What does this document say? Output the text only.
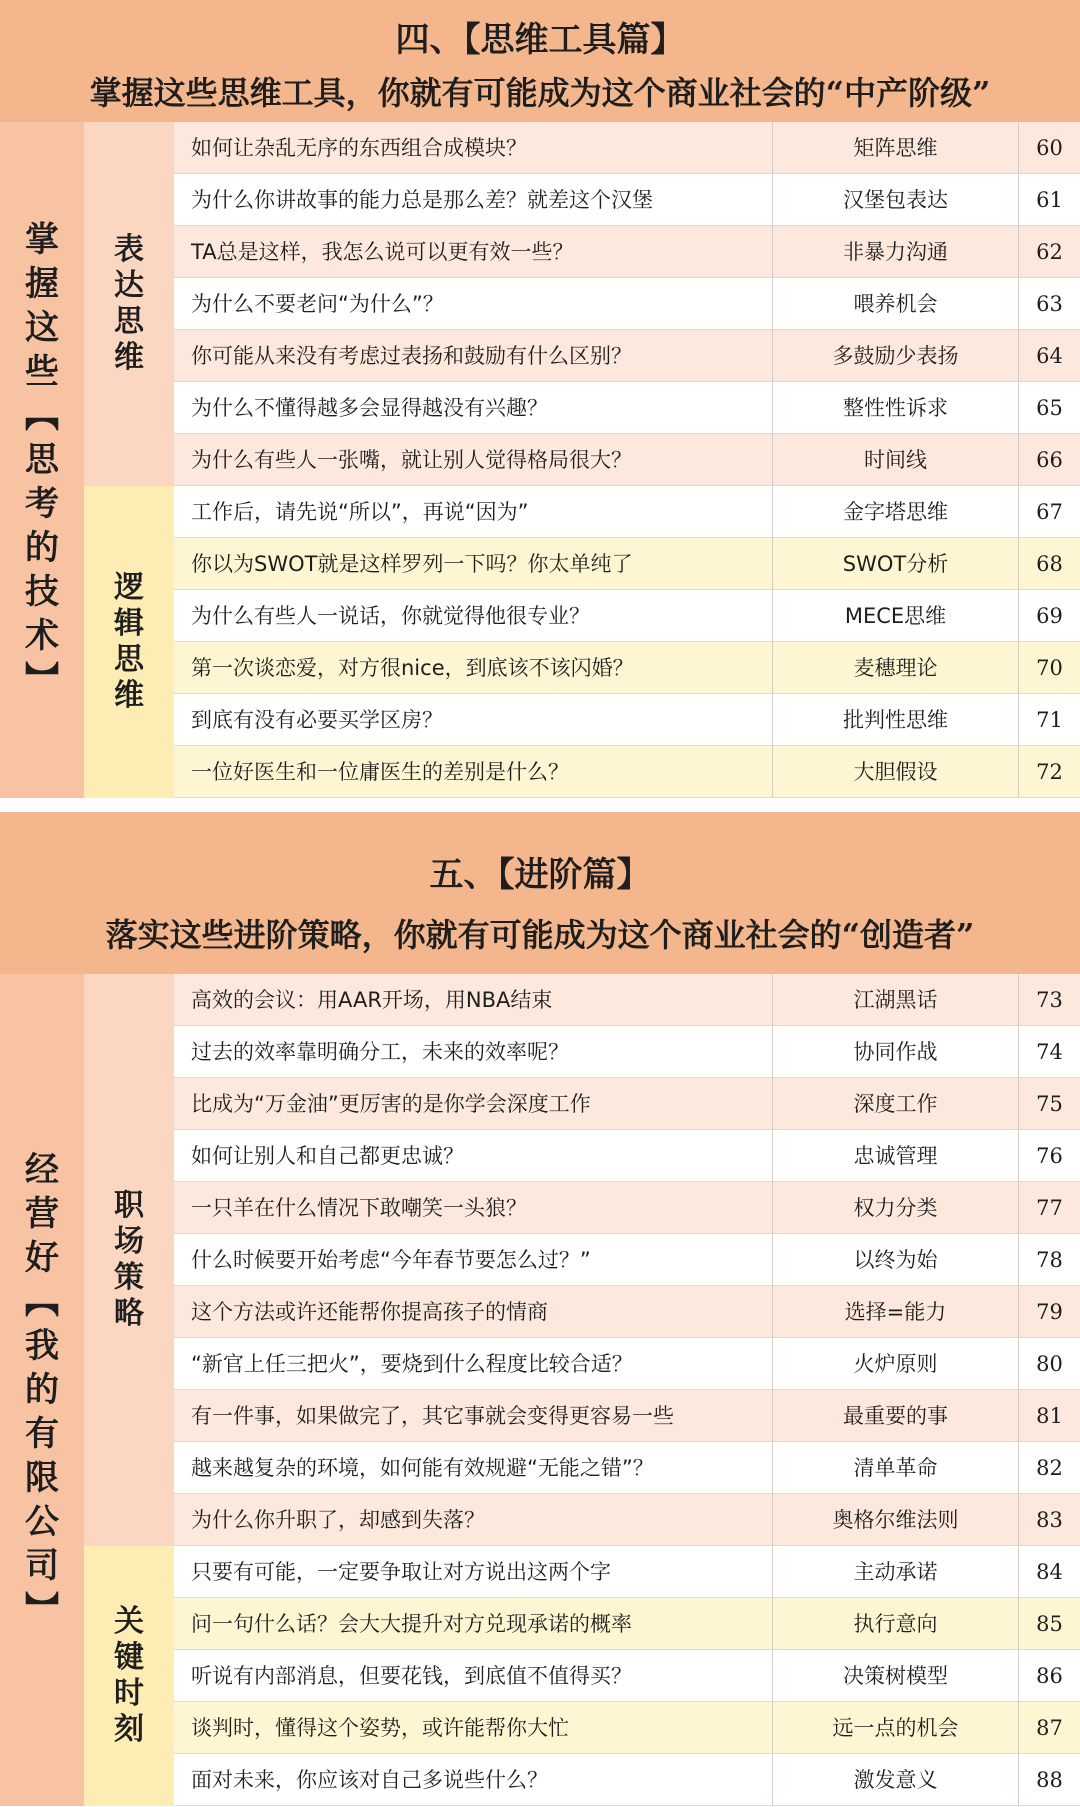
四、【思维工具篇】
掌握这些思维工具，你就有可能成为这个商业社会的“中产阶级”
掌
握
这
些
︻
思
考
的
技
术
︼
表
达
思
维
如何让杂乱无序的东西组合成模块？	矩阵思维	60
为什么你讲故事的能力总是那么差？就差这个汉堡	汉堡包表达	61
TA总是这样，我怎么说可以更有效一些？	非暴力沟通	62
为什么不要老问“为什么”？	喂养机会	63
你可能从来没有考虑过表扬和鼓励有什么区别？	多鼓励少表扬	64
为什么不懂得越多会显得越没有兴趣？	整性性诉求	65
为什么有些人一张嘴，就让别人觉得格局很大？	时间线	66
逻
辑
思
维
工作后，请先说“所以”，再说“因为”	金字塔思维	67
你以为SWOT就是这样罗列一下吗？你太单纯了	SWOT分析	68
为什么有些人一说话，你就觉得他很专业？	MECE思维	69
第一次谈恋爱，对方很nice，到底该不该闪婚？	麦穗理论	70
到底有没有必要买学区房？	批判性思维	71
一位好医生和一位庸医生的差别是什么？	大胆假设	72
五、【进阶篇】
落实这些进阶策略，你就有可能成为这个商业社会的“创造者”
经
营
好
︻
我
的
有
限
公
司
︼
职
场
策
略
高效的会议：用AAR开场，用NBA结束	江湖黑话	73
过去的效率靠明确分工，未来的效率呢？	协同作战	74
比成为“万金油”更厉害的是你学会深度工作	深度工作	75
如何让别人和自己都更忠诚？	忠诚管理	76
一只羊在什么情况下敢嘲笑一头狼？	权力分类	77
什么时候要开始考虑“今年春节要怎么过？”	以终为始	78
这个方法或许还能帮你提高孩子的情商	选择=能力	79
“新官上任三把火”，要烧到什么程度比较合适？	火炉原则	80
有一件事，如果做完了，其它事就会变得更容易一些	最重要的事	81
越来越复杂的环境，如何能有效规避“无能之错”？	清单革命	82
为什么你升职了，却感到失落？	奥格尔维法则	83
关
键
时
刻
只要有可能，一定要争取让对方说出这两个字	主动承诺	84
问一句什么话？会大大提升对方兑现承诺的概率	执行意向	85
听说有内部消息，但要花钱，到底值不值得买？	决策树模型	86
谈判时，懂得这个姿势，或许能帮你大忙	远一点的机会	87
面对未来，你应该对自己多说些什么？	激发意义	88
